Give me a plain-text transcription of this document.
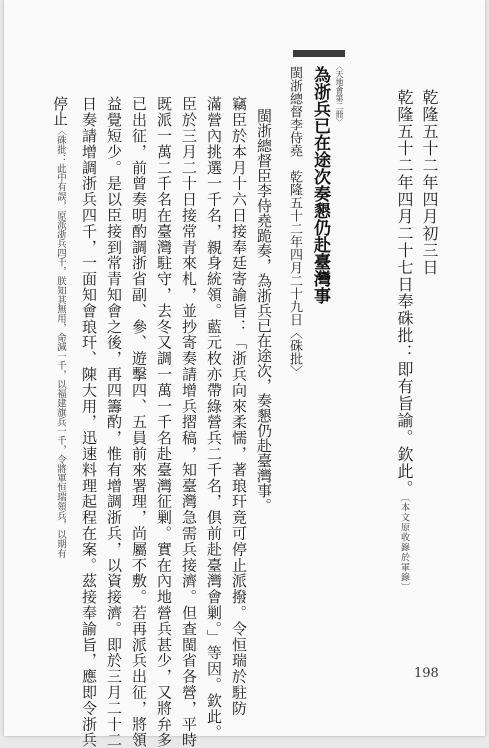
乾隆五十二年四月初三日
乾隆五十二年四月二十七日奉硃批：即有旨諭。欽此。〔本文原收錄於軍錄〕
〈天地會第二冊〉
為浙兵已在途次奏懇仍赴臺灣事
閩浙總督李侍堯　乾隆五十二年四月二十九日〈硃批〉
閩浙總督臣李侍堯跪奏，為浙兵已在途次，奏懇仍赴臺灣事。
竊臣於本月十六日接奉廷寄諭旨：「浙兵向來柔懦，著琅玕竟可停止派撥。令恒瑞於駐防
滿營內挑選一千名，親身統領。藍元枚亦帶綠營兵二千名，俱前赴臺灣會剿。」等因。欽此。
臣於三月二十日接常青來札，並抄寄奏請增兵摺稿，知臺灣急需兵接濟。但查閩省各營，平時
既派一萬二千名在臺灣駐守，去冬又調一萬一千名赴臺灣征剿。實在內地營兵甚少，又將弁多
已出征，前曾奏明酌調浙省副、參、遊擊四、五員前來署理，尚屬不敷。若再派兵出征，將領
益覺短少。是以臣接到常青知會之後，再四籌酌，惟有增調浙兵，以資接濟。即於三月二十二
日奏請增調浙兵四千，一面知會琅玕、陳大用，迅速料理起程在案。茲接奉諭旨，應即令浙兵
停止〈硃批：此中有誤，原派浙兵四千，朕知其無用，命減一千，以福建旗兵一千，令將軍恒瑞領兵，以期有
198
